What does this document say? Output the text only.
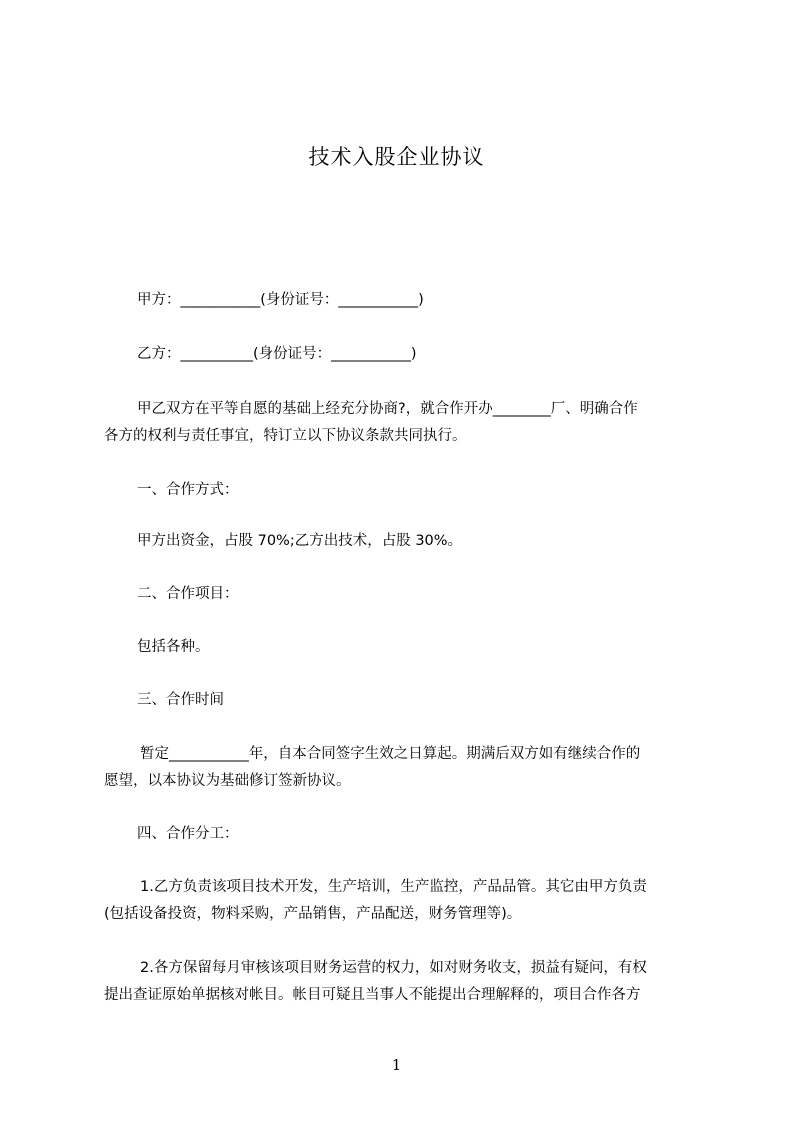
技术入股企业协议
甲方：___________(身份证号：___________)
乙方：__________(身份证号：___________)
甲乙双方在平等自愿的基础上经充分协商?，就合作开办________厂、明确合作
各方的权利与责任事宜，特订立以下协议条款共同执行。
一、合作方式：
甲方出资金，占股 70%;乙方出技术，占股 30%。
二、合作项目：
包括各种。
三、合作时间
暂定___________年，自本合同签字生效之日算起。期满后双方如有继续合作的
愿望，以本协议为基础修订签新协议。
四、合作分工：
1.乙方负责该项目技术开发，生产培训，生产监控，产品品管。其它由甲方负责
(包括设备投资，物料采购，产品销售，产品配送，财务管理等)。
2.各方保留每月审核该项目财务运营的权力，如对财务收支，损益有疑问，有权
提出查证原始单据核对帐目。帐目可疑且当事人不能提出合理解释的，项目合作各方
1
